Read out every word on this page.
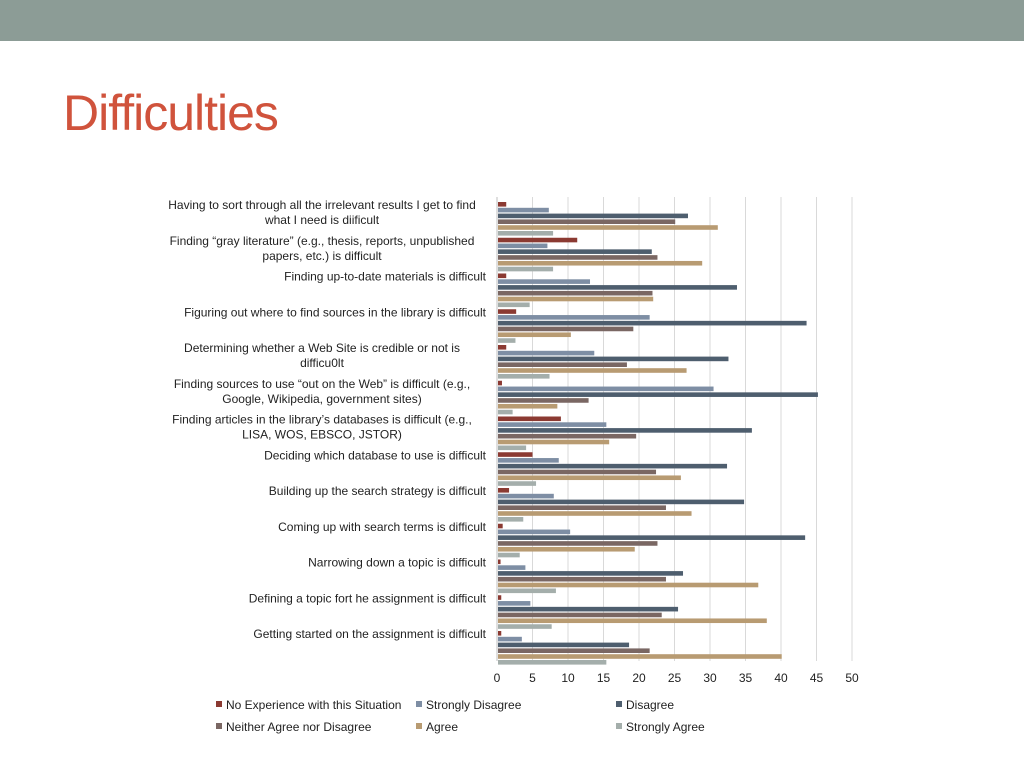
Difficulties
0 5 10 15 20 25 30 35 40 45 50
Having to sort through all the irrelevant results I get to find what I need is diificult
Finding “gray literature” (e.g., thesis, reports, unpublished papers, etc.) is difficult
Finding up-to-date materials is difficult
Figuring out where to find sources in the library is difficult
Determining whether a Web Site is credible or not is difficu0lt
Finding sources to use “out on the Web” is difficult (e.g., Google, Wikipedia, government sites)
Finding articles in the library’s databases is difficult (e.g., LISA, WOS, EBSCO, JSTOR)
Deciding which database to use is difficult
Building up the search strategy is difficult
Coming up with search terms is difficult
Narrowing down a topic is difficult
Defining a topic fort he assignment is difficult
Getting started on the assignment is difficult
No Experience with this Situation Strongly Disagree	Disagree
Neither Agree nor Disagree	Agree	Strongly Agree
